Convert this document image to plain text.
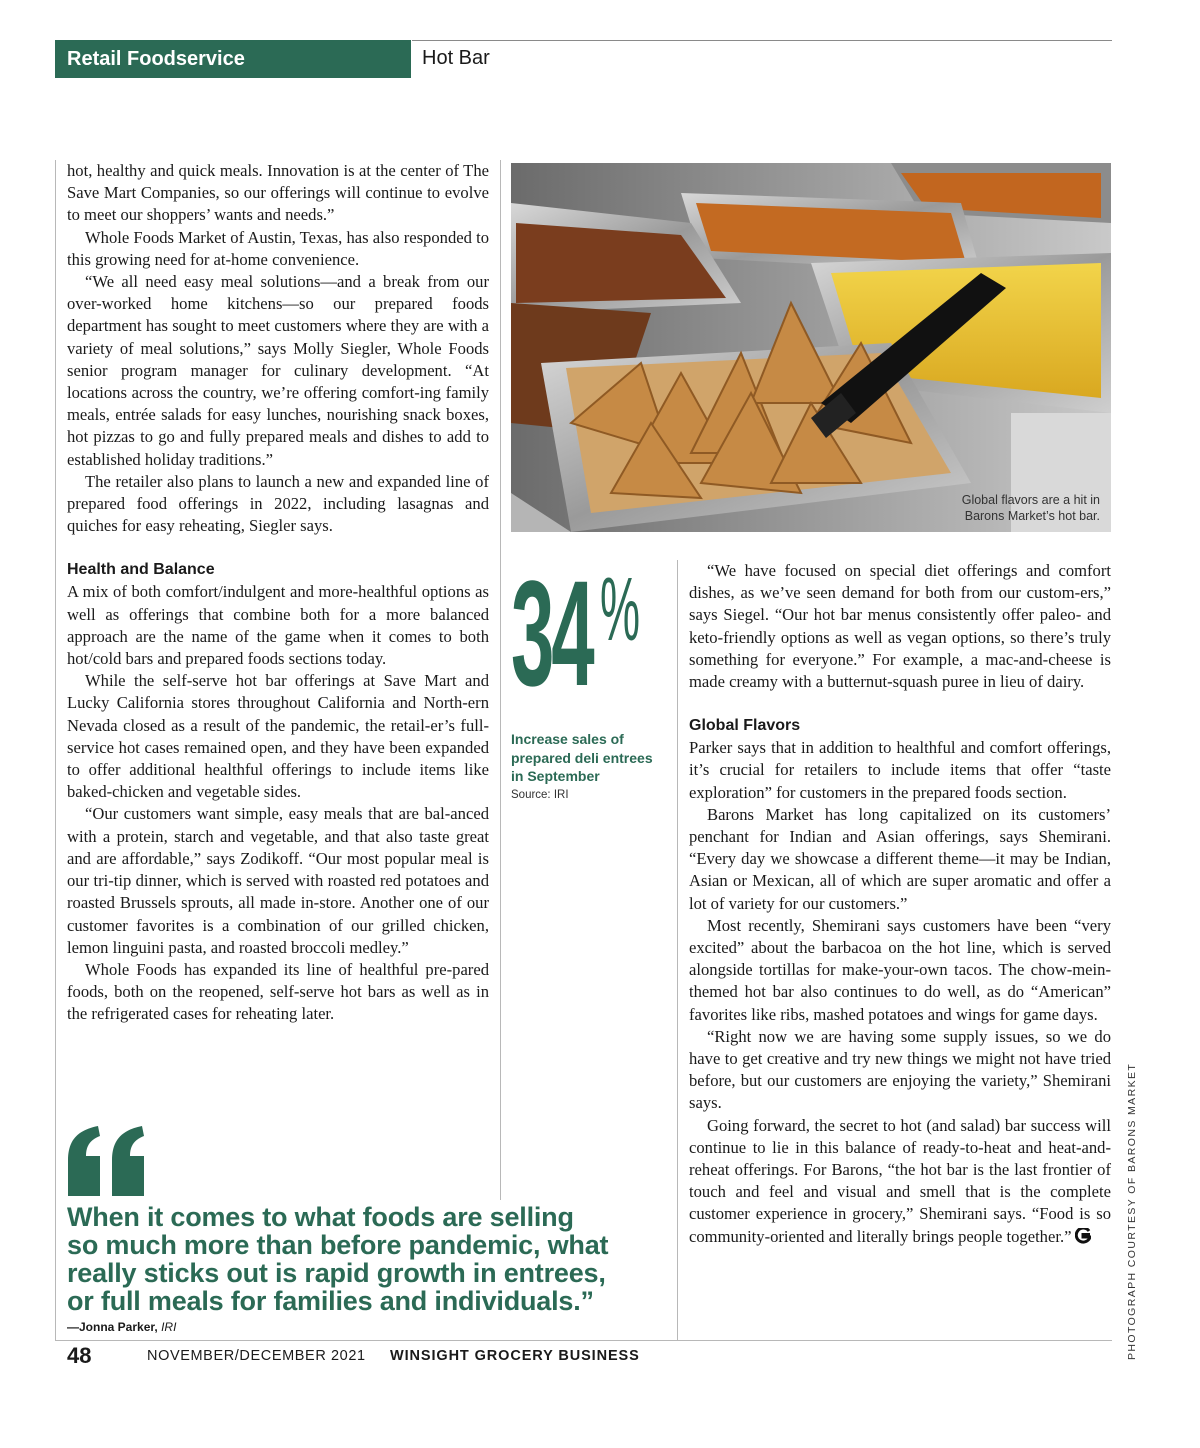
Retail Foodservice	Hot Bar

hot, healthy and quick meals. Innovation is at the center of The Save Mart Companies, so our offerings will continue to evolve to meet our shoppers’ wants and needs.”

Whole Foods Market of Austin, Texas, has also responded to this growing need for at-home convenience.

“We all need easy meal solutions—and a break from our over-worked home kitchens—so our prepared foods department has sought to meet customers where they are with a variety of meal solutions,” says Molly Siegler, Whole Foods senior program manager for culinary development. “At locations across the country, we’re offering comfort-ing family meals, entrée salads for easy lunches, nourishing snack boxes, hot pizzas to go and fully prepared meals and dishes to add to established holiday traditions.”

The retailer also plans to launch a new and expanded line of prepared food offerings in 2022, including lasagnas and quiches for easy reheating, Siegler says.

Health and Balance

A mix of both comfort/indulgent and more-healthful options as well as offerings that combine both for a more balanced approach are the name of the game when it comes to both hot/cold bars and prepared foods sections today.

While the self-serve hot bar offerings at Save Mart and Lucky California stores throughout California and North-ern Nevada closed as a result of the pandemic, the retail-er’s full-service hot cases remained open, and they have been expanded to offer additional healthful offerings to include items like baked-chicken and vegetable sides.

“Our customers want simple, easy meals that are bal-anced with a protein, starch and vegetable, and that also taste great and are affordable,” says Zodikoff. “Our most popular meal is our tri-tip dinner, which is served with roasted red potatoes and roasted Brussels sprouts, all made in-store. Another one of our customer favorites is a combination of our grilled chicken, lemon linguini pasta, and roasted broccoli medley.”

Whole Foods has expanded its line of healthful pre-pared foods, both on the reopened, self-serve hot bars as well as in the refrigerated cases for reheating later.

Global flavors are a hit in
Barons Market’s hot bar.
34 %
Increase sales of
prepared deli entrees
in September
Source: IRI

“We have focused on special diet offerings and comfort dishes, as we’ve seen demand for both from our custom-ers,” says Siegel. “Our hot bar menus consistently offer paleo- and keto-friendly options as well as vegan options, so there’s truly something for everyone.” For example, a mac-and-cheese is made creamy with a butternut-squash puree in lieu of dairy.

Global Flavors

Parker says that in addition to healthful and comfort offerings, it’s crucial for retailers to include items that offer “taste exploration” for customers in the prepared foods section.

Barons Market has long capitalized on its customers’ penchant for Indian and Asian offerings, says Shemirani. “Every day we showcase a different theme—it may be Indian, Asian or Mexican, all of which are super aromatic and offer a lot of variety for our customers.”

Most recently, Shemirani says customers have been “very excited” about the barbacoa on the hot line, which is served alongside tortillas for make-your-own tacos. The chow-mein-themed hot bar also continues to do well, as do “American” favorites like ribs, mashed potatoes and wings for game days.

“Right now we are having some supply issues, so we do have to get creative and try new things we might not have tried before, but our customers are enjoying the variety,” Shemirani says.

Going forward, the secret to hot (and salad) bar success will continue to lie in this balance of ready-to-heat and heat-and-reheat offerings. For Barons, “the hot bar is the last frontier of touch and feel and visual and smell that is the complete customer experience in grocery,” Shemirani says. “Food is so community-oriented and literally brings people together.”

When it comes to what foods are selling
so much more than before pandemic, what
really sticks out is rapid growth in entrees,
or full meals for families and individuals.”
—Jonna Parker, IRI	PHOTOGRAPH COURTESY OF BARONS MARKET
48	NOVEMBER/DECEMBER 2021 WINSIGHT GROCERY BUSINESS
